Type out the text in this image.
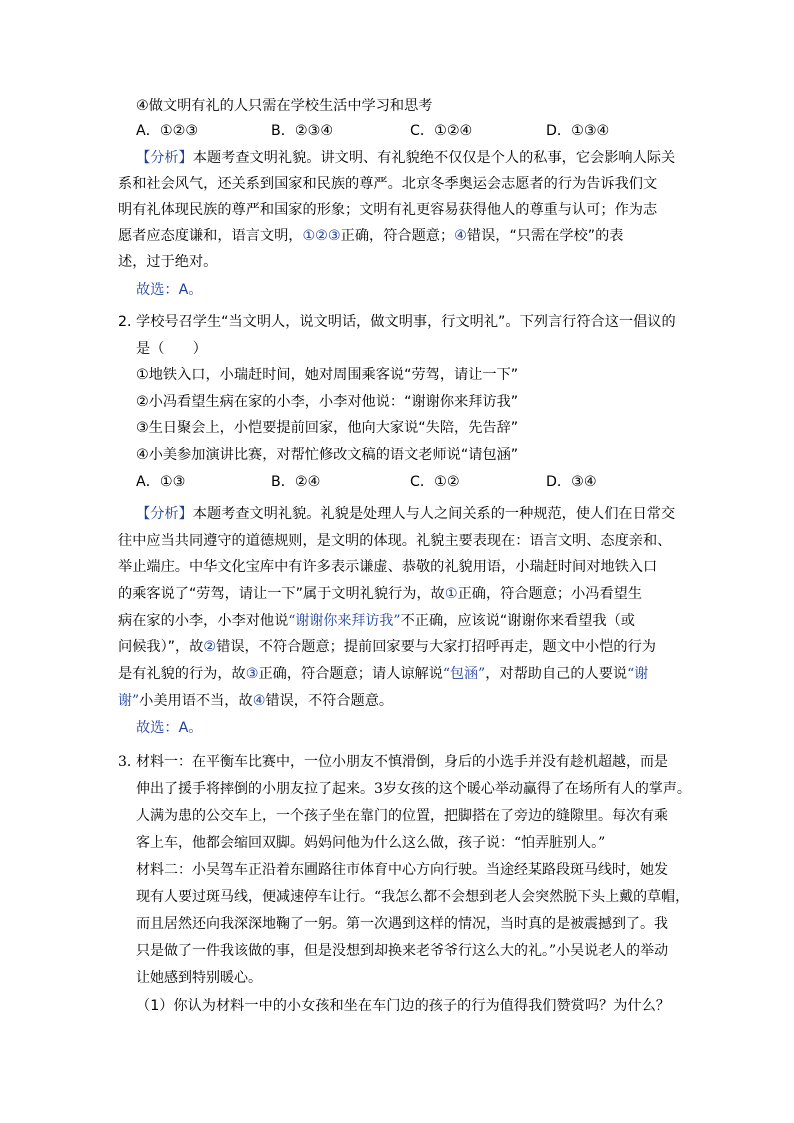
④做文明有礼的人只需在学校生活中学习和思考
A．①②③	B．②③④	C．①②④	D．①③④
【分析】本题考查文明礼貌。讲文明、有礼貌绝不仅仅是个人的私事，它会影响人际关
系和社会风气，还关系到国家和民族的尊严。北京冬季奥运会志愿者的行为告诉我们文
明有礼体现民族的尊严和国家的形象；文明有礼更容易获得他人的尊重与认可；作为志
愿者应态度谦和，语言文明，①②③正确，符合题意；④错误，“只需在学校”的表
述，过于绝对。
故选：A。
2．
学校号召学生“当文明人，说文明话，做文明事，行文明礼”。下列言行符合这一倡议的
是（　　）
①地铁入口，小瑞赶时间，她对周围乘客说“劳驾，请让一下”
②小冯看望生病在家的小李，小李对他说：“谢谢你来拜访我”
③生日聚会上，小恺要提前回家，他向大家说“失陪，先告辞”
④小美参加演讲比赛，对帮忙修改文稿的语文老师说“请包涵”
A．①③	B．②④	C．①②	D．③④
【分析】本题考查文明礼貌。礼貌是处理人与人之间关系的一种规范，使人们在日常交
往中应当共同遵守的道德规则，是文明的体现。礼貌主要表现在：语言文明、态度亲和、
举止端庄。中华文化宝库中有许多表示谦虚、恭敬的礼貌用语，小瑞赶时间对地铁入口
的乘客说了“劳驾，请让一下”属于文明礼貌行为，故①正确，符合题意；小冯看望生
病在家的小李，小李对他说“谢谢你来拜访我”不正确，应该说“谢谢你来看望我（或
问候我）”，故②错误，不符合题意；提前回家要与大家打招呼再走，题文中小恺的行为
是有礼貌的行为，故③正确，符合题意；请人谅解说“包涵”，对帮助自己的人要说“谢
谢”小美用语不当，故④错误，不符合题意。
故选：A。
3．
材料一：在平衡车比赛中，一位小朋友不慎滑倒，身后的小选手并没有趁机超越，而是
伸出了援手将摔倒的小朋友拉了起来。3岁女孩的这个暖心举动赢得了在场所有人的掌声。
人满为患的公交车上，一个孩子坐在靠门的位置，把脚搭在了旁边的缝隙里。每次有乘
客上车，他都会缩回双脚。妈妈问他为什么这么做，孩子说：“怕弄脏别人。”
材料二：小吴驾车正沿着东圃路往市体育中心方向行驶。当途经某路段斑马线时，她发
现有人要过斑马线，便减速停车让行。“我怎么都不会想到老人会突然脱下头上戴的草帽，
而且居然还向我深深地鞠了一躬。第一次遇到这样的情况，当时真的是被震撼到了。我
只是做了一件我该做的事，但是没想到却换来老爷爷行这么大的礼。”小吴说老人的举动
让她感到特别暖心。
（1）你认为材料一中的小女孩和坐在车门边的孩子的行为值得我们赞赏吗？为什么？
